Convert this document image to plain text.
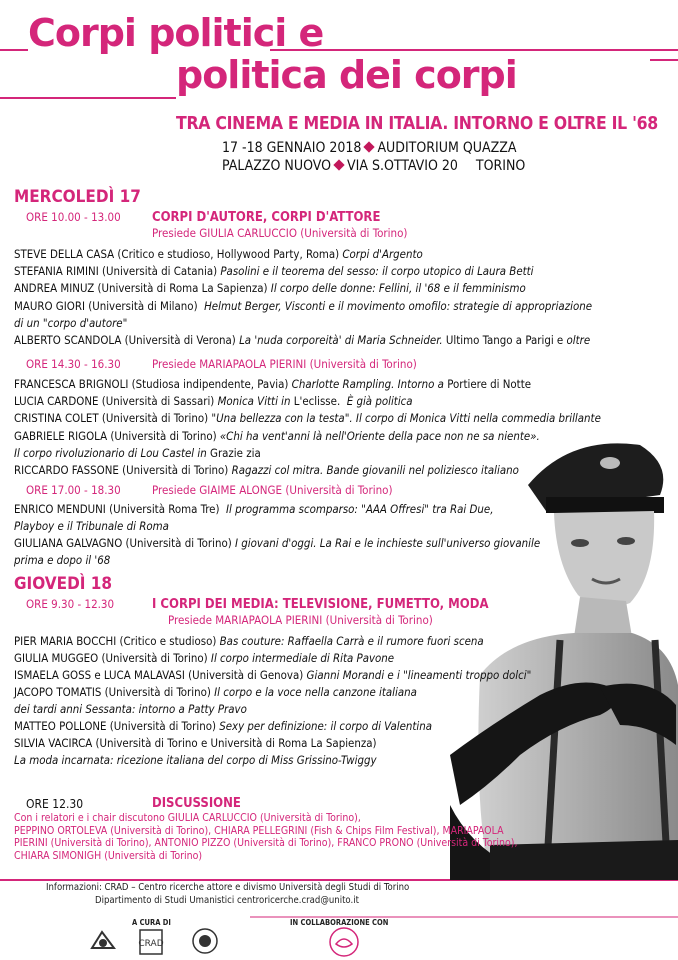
Corpi politici e
politica dei corpi
TRA CINEMA E MEDIA IN ITALIA. INTORNO E OLTRE IL '68
17 -18 GENNAIO 2018 AUDITORIUM QUAZZA
PALAZZO NUOVO VIA S.OTTAVIO 20 TORINO
MERCOLEDÌ 17
ORE 10.00 - 13.00 CORPI D'AUTORE, CORPI D'ATTORE
Presiede GIULIA CARLUCCIO (Università di Torino)
STEVE DELLA CASA (Critico e studioso, Hollywood Party, Roma) Corpi d'Argento
STEFANIA RIMINI (Università di Catania) Pasolini e il teorema del sesso: il corpo utopico di Laura Betti
ANDREA MINUZ (Università di Roma La Sapienza) Il corpo delle donne: Fellini, il '68 e il femminismo
MAURO GIORI (Università di Milano) Helmut Berger, Visconti e il movimento omofilo: strategie di appropriazione
di un "corpo d'autore"
ALBERTO SCANDOLA (Università di Verona) La 'nuda corporeità' di Maria Schneider. Ultimo Tango a Parigi e oltre
ORE 14.30 - 16.30	Presiede MARIAPAOLA PIERINI (Università di Torino)
FRANCESCA BRIGNOLI (Studiosa indipendente, Pavia) Charlotte Rampling. Intorno a Portiere di Notte
LUCIA CARDONE (Università di Sassari) Monica Vitti in L'eclisse. È già politica
CRISTINA COLET (Università di Torino) "Una bellezza con la testa". Il corpo di Monica Vitti nella commedia brillante
GABRIELE RIGOLA (Università di Torino) «Chi ha vent'anni là nell'Oriente della pace non ne sa niente».
Il corpo rivoluzionario di Lou Castel in Grazie zia
RICCARDO FASSONE (Università di Torino) Ragazzi col mitra. Bande giovanili nel poliziesco italiano
ORE 17.00 - 18.30	Presiede GIAIME ALONGE (Università di Torino)
ENRICO MENDUNI (Università Roma Tre) Il programma scomparso: "AAA Offresi" tra Rai Due,
Playboy e il Tribunale di Roma
GIULIANA GALVAGNO (Università di Torino) I giovani d'oggi. La Rai e le inchieste sull'universo giovanile
prima e dopo il '68
GIOVEDÌ 18
ORE 9.30 - 12.30	I CORPI DEI MEDIA: TELEVISIONE, FUMETTO, MODA
Presiede MARIAPAOLA PIERINI (Università di Torino)
PIER MARIA BOCCHI (Critico e studioso) Bas couture: Raffaella Carrà e il rumore fuori scena
GIULIA MUGGEO (Università di Torino) Il corpo intermediale di Rita Pavone
ISMAELA GOSS e LUCA MALAVASI (Università di Genova) Gianni Morandi e i "lineamenti troppo dolci"
JACOPO TOMATIS (Università di Torino) Il corpo e la voce nella canzone italiana
dei tardi anni Sessanta: intorno a Patty Pravo
MATTEO POLLONE (Università di Torino) Sexy per definizione: il corpo di Valentina
SILVIA VACIRCA (Università di Torino e Università di Roma La Sapienza)
La moda incarnata: ricezione italiana del corpo di Miss Grissino-Twiggy
ORE 12.30	DISCUSSIONE
Con i relatori e i chair discutono GIULIA CARLUCCIO (Università di Torino),
PEPPINO ORTOLEVA (Università di Torino), CHIARA PELLEGRINI (Fish & Chips Film Festival), MARIAPAOLA
PIERINI (Università di Torino), ANTONIO PIZZO (Università di Torino), FRANCO PRONO (Università di Torino),
CHIARA SIMONIGH (Università di Torino)
Informazioni: CRAD – Centro ricerche attore e divismo Università degli Studi di Torino
Dipartimento di Studi Umanistici centroricerche.crad@unito.it
A CURA DI	IN COLLABORAZIONE CON
CRAD
